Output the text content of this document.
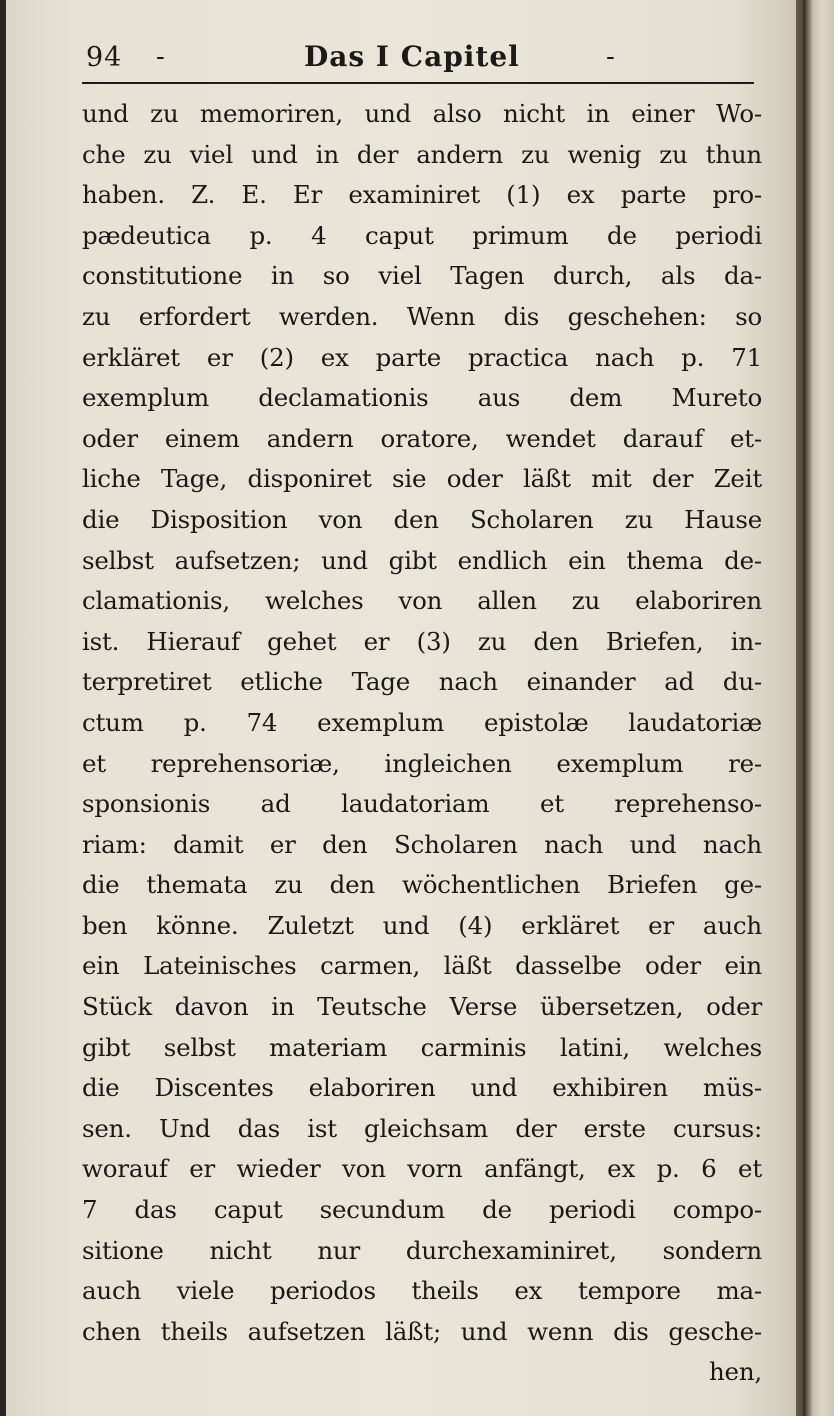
94 -	Das I Capitel	-
und zu memoriren, und also nicht in einer Wo-
che zu viel und in der andern zu wenig zu thun
haben. Z. E. Er examiniret (1) ex parte pro-
pædeutica p. 4 caput primum de periodi
constitutione in so viel Tagen durch, als da-
zu erfordert werden. Wenn dis geschehen: so
erkläret er (2) ex parte practica nach p. 71
exemplum declamationis aus dem Mureto
oder einem andern oratore, wendet darauf et-
liche Tage, disponiret sie oder läßt mit der Zeit
die Disposition von den Scholaren zu Hause
selbst aufsetzen; und gibt endlich ein thema de-
clamationis, welches von allen zu elaboriren
ist. Hierauf gehet er (3) zu den Briefen, in-
terpretiret etliche Tage nach einander ad du-
ctum p. 74 exemplum epistolæ laudatoriæ
et reprehensoriæ, ingleichen exemplum re-
sponsionis ad laudatoriam et reprehenso-
riam: damit er den Scholaren nach und nach
die themata zu den wöchentlichen Briefen ge-
ben könne. Zuletzt und (4) erkläret er auch
ein Lateinisches carmen, läßt dasselbe oder ein
Stück davon in Teutsche Verse übersetzen, oder
gibt selbst materiam carminis latini, welches
die Discentes elaboriren und exhibiren müs-
sen. Und das ist gleichsam der erste cursus:
worauf er wieder von vorn anfängt, ex p. 6 et
7 das caput secundum de periodi compo-
sitione nicht nur durchexaminiret, sondern
auch viele periodos theils ex tempore ma-
chen theils aufsetzen läßt; und wenn dis gesche-
hen,
